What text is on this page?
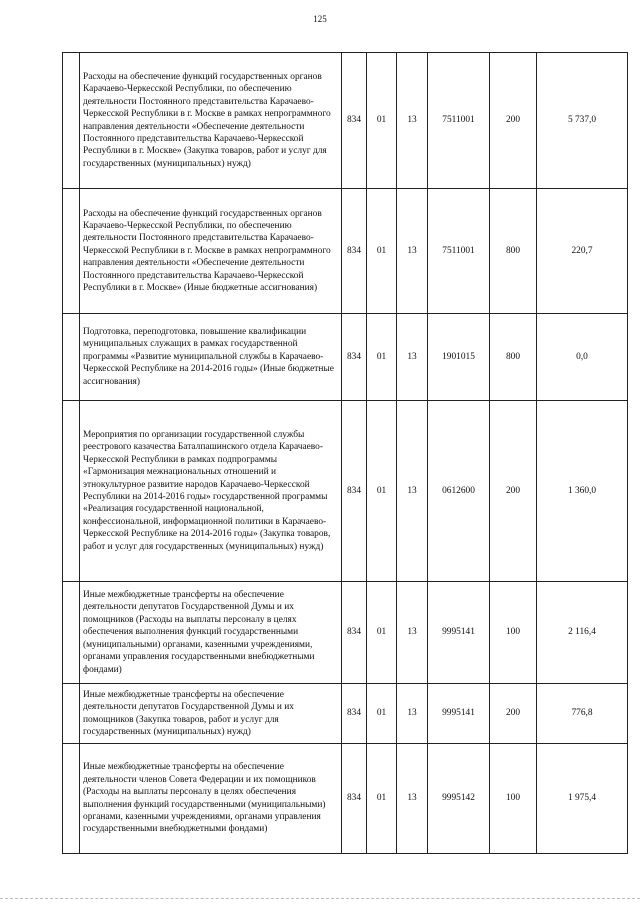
125
	Расходы на обеспечение функций государственных органов Карачаево-Черкесской Республики, по обеспечению деятельности Постоянного представительства Карачаево-Черкесской Республики в г. Москве в рамках непрограммного направления деятельности «Обеспечение деятельности Постоянного представительства Карачаево-Черкесской Республики в г. Москве» (Закупка товаров, работ и услуг для государственных (муниципальных) нужд)	834	01	13	7511001	200	5 737,0
	Расходы на обеспечение функций государственных органов Карачаево-Черкесской Республики, по обеспечению деятельности Постоянного представительства Карачаево-Черкесской Республики в г. Москве в рамках непрограммного направления деятельности «Обеспечение деятельности Постоянного представительства Карачаево-Черкесской Республики в г. Москве» (Иные бюджетные ассигнования)	834	01	13	7511001	800	220,7
	Подготовка, переподготовка, повышение квалификации муниципальных служащих в рамках государственной программы «Развитие муниципальной службы в Карачаево-Черкесской Республике на 2014-2016 годы» (Иные бюджетные ассигнования)	834	01	13	1901015	800	0,0
	Мероприятия по организации государственной службы реестрового казачества Баталпашинского отдела Карачаево-Черкесской Республики в рамках подпрограммы «Гармонизация межнациональных отношений и этнокультурное развитие народов Карачаево-Черкесской Республики на 2014-2016 годы» государственной программы «Реализация государственной национальной, конфессиональной, информационной политики в Карачаево-Черкесской Республике на 2014-2016 годы» (Закупка товаров, работ и услуг для государственных (муниципальных) нужд)	834	01	13	0612600	200	1 360,0
	Иные межбюджетные трансферты на обеспечение деятельности депутатов Государственной Думы и их помощников (Расходы на выплаты персоналу в целях обеспечения выполнения функций государственными (муниципальными) органами, казенными учреждениями, органами управления государственными внебюджетными фондами)	834	01	13	9995141	100	2 116,4
	Иные межбюджетные трансферты на обеспечение деятельности депутатов Государственной Думы и их помощников (Закупка товаров, работ и услуг для государственных (муниципальных) нужд)	834	01	13	9995141	200	776,8
	Иные межбюджетные трансферты на обеспечение деятельности членов Совета Федерации и их помощников (Расходы на выплаты персоналу в целях обеспечения выполнения функций государственными (муниципальными) органами, казенными учреждениями, органами управления государственными внебюджетными фондами)	834	01	13	9995142	100	1 975,4
